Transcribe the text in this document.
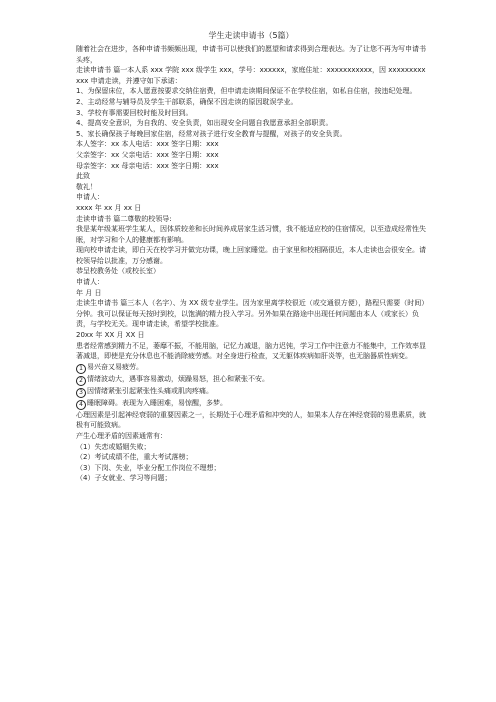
学生走读申请书（5篇）

随着社会在进步，各种申请书频频出现，申请书可以使我们的愿望和请求得到合理表达。为了让您不再为写申请书头疼，

走读申请书 篇一本人系 xxx 学院 xxx 级学生 xxx，学号：xxxxxx，家庭住址：xxxxxxxxxxx，因 xxxxxxxxxxxx 申请走读，并遵守如下承诺：

1、为保留床位，本人愿意按要求交纳住宿费，但申请走读期间保证不在学校住宿，如私自住宿，按违纪处理。

2、主动经常与辅导员及学生干部联系，确保不因走读的原因耽误学业。

3、学校有事需要回校时能及时回到。

4、提高安全意识，为自我的、安全负责，如出现安全问题自我愿意承担全部职责。

5、家长确保孩子每晚回家住宿，经常对孩子进行安全教育与提醒，对孩子的安全负责。

本人签字：xx 本人电话：xxx 签字日期：xxx

父亲签字：xx 父亲电话：xxx 签字日期：xxx

母亲签字：xx 母亲电话：xxx 签字日期：xxx

此致

敬礼！

申请人：

xxxx 年 xx 月 xx 日

走读申请书 篇二尊敬的校领导:

我是某年级某班学生某人，因体质较差和长时间养成居家生活习惯，我不能适应校的住宿情况，以至造成经常性失眠，对学习和个人的健康都有影响。

现向校申请走读，即白天在校学习并做完功课，晚上回家睡觉。由于家里和校相隔很近，本人走读也会很安全。请校领导给以批准，万分感谢。

恭呈校教务处（或校长室）

申请人：

年 月 日

走读生申请书 篇三本人（名字）、为 XX 级专业学生。因为家里离学校很近（或交通很方便），路程只需要（时间）分钟。我可以保证每天按时到校，以饱满的精力投入学习。另外如果在路途中出现任何问题由本人（或家长）负责，与学校无关。现申请走读，希望学校批准。

20xx 年 XX 月 XX 日

患者经常感到精力不足，萎靡不振，不能用脑，记忆力减退，脑力迟钝，学习工作中注意力不能集中，工作效率显著减退，即使是充分休息也不能消除疲劳感。对全身进行检查，又无躯体疾病如肝炎等，也无脑器质性病变。

1 易兴奋又易疲劳。

2 情绪波动大，遇事容易激动，烦躁易怒，担心和紧张不安。

3 因情绪紧张引起紧张性头痛或肌肉疼痛。

4 睡眠障碍。表现为入睡困难，易惊醒，多梦。

心理因素是引起神经衰弱的重要因素之一，长期处于心理矛盾和冲突的人，如果本人存在神经衰弱的易患素质，就极有可能致病。

产生心理矛盾的因素通常有：

（1）失恋或婚姻失败；

（2）考试成绩不佳，重大考试落榜；

（3）下岗、失业，毕业分配工作岗位不理想；

（4）子女就业、学习等问题；
